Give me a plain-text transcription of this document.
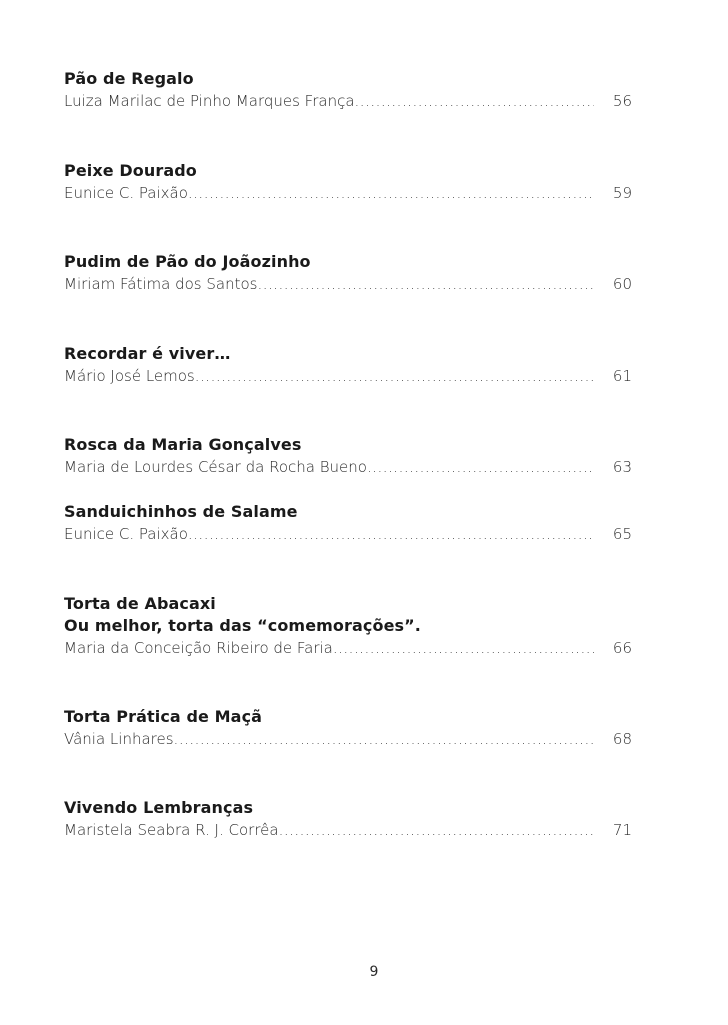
Pão de Regalo
Luiza Marilac de Pinho Marques França .....	56
Peixe Dourado
Eunice C. Paixão .....	59
Pudim de Pão do Joãozinho
Miriam Fátima dos Santos .....	60
Recordar é viver…
Mário José Lemos .....	61
Rosca da Maria Gonçalves
Maria de Lourdes César da Rocha Bueno .....	63
Sanduichinhos de Salame
Eunice C. Paixão .....	65
Torta de Abacaxi
Ou melhor, torta das “comemorações”.
Maria da Conceição Ribeiro de Faria .....	66
Torta Prática de Maçã
Vânia Linhares .....	68
Vivendo Lembranças
Maristela Seabra R. J. Corrêa .....	71
9
